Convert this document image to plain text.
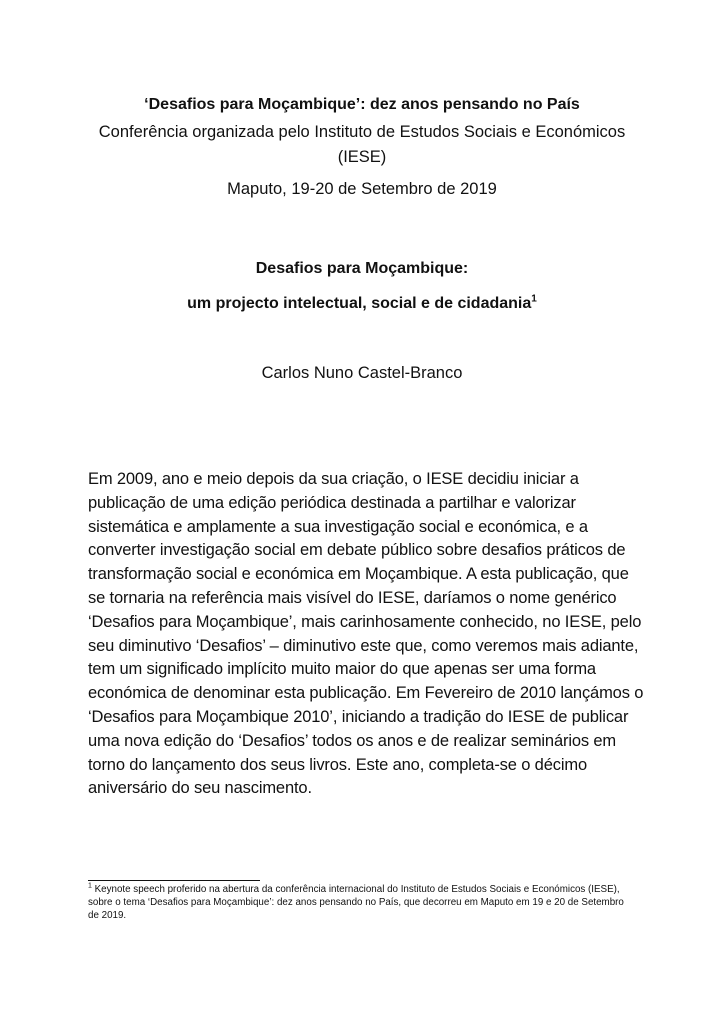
‘Desafios para Moçambique’: dez anos pensando no País
Conferência organizada pelo Instituto de Estudos Sociais e Económicos
(IESE)
Maputo, 19-20 de Setembro de 2019
Desafios para Moçambique:
um projecto intelectual, social e de cidadania$^1$
Carlos Nuno Castel-Branco
Em 2009, ano e meio depois da sua criação, o IESE decidiu iniciar a
publicação de uma edição periódica destinada a partilhar e valorizar
sistemática e amplamente a sua investigação social e económica, e a
converter investigação social em debate público sobre desafios práticos de
transformação social e económica em Moçambique. A esta publicação, que
se tornaria na referência mais visível do IESE, daríamos o nome genérico
‘Desafios para Moçambique’, mais carinhosamente conhecido, no IESE, pelo
seu diminutivo ‘Desafios’ – diminutivo este que, como veremos mais adiante,
tem um significado implícito muito maior do que apenas ser uma forma
económica de denominar esta publicação. Em Fevereiro de 2010 lançámos o
‘Desafios para Moçambique 2010’, iniciando a tradição do IESE de publicar
uma nova edição do ‘Desafios’ todos os anos e de realizar seminários em
torno do lançamento dos seus livros. Este ano, completa-se o décimo
aniversário do seu nascimento.
$^1$ Keynote speech proferido na abertura da conferência internacional do Instituto de Estudos Sociais e Económicos (IESE),
sobre o tema ‘Desafios para Moçambique’: dez anos pensando no País, que decorreu em Maputo em 19 e 20 de Setembro
de 2019.
